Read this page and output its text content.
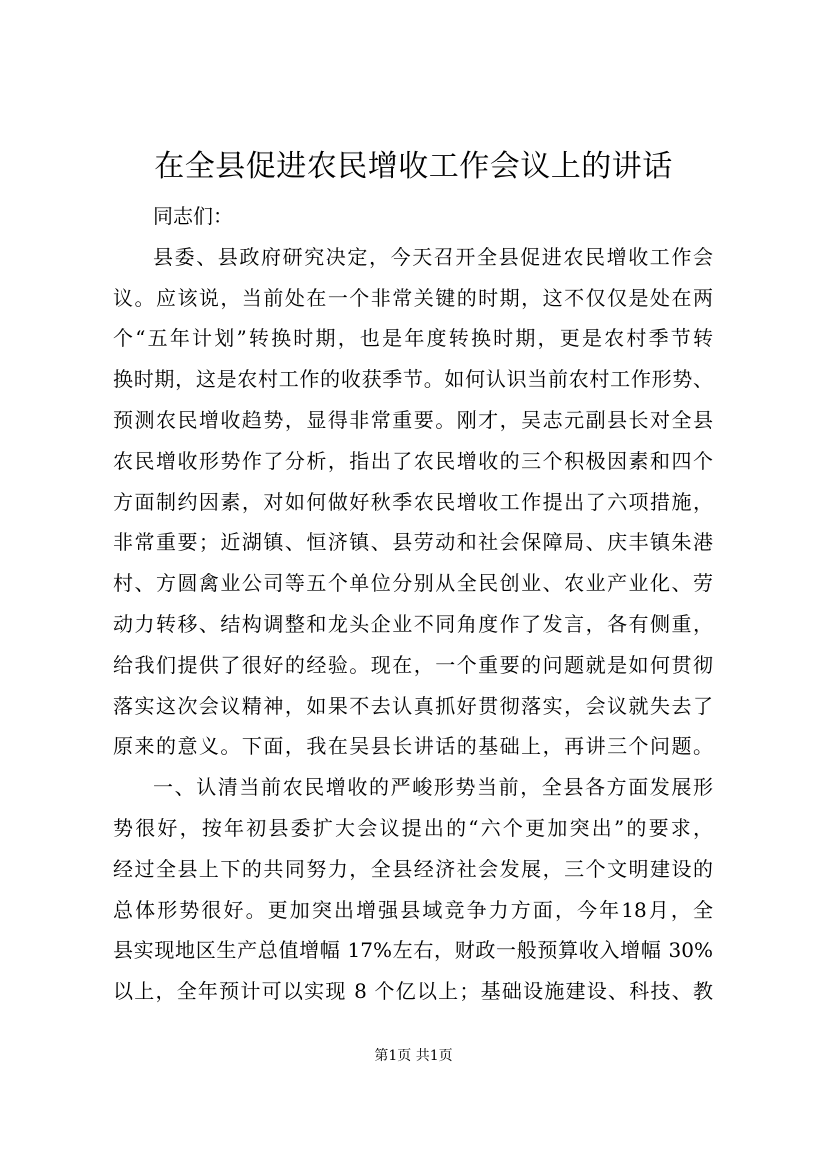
在全县促进农民增收工作会议上的讲话
同志们：
县委、县政府研究决定，今天召开全县促进农民增收工作会
议。应该说，当前处在一个非常关键的时期，这不仅仅是处在两
个“五年计划”转换时期，也是年度转换时期，更是农村季节转
换时期，这是农村工作的收获季节。如何认识当前农村工作形势、
预测农民增收趋势，显得非常重要。刚才，吴志元副县长对全县
农民增收形势作了分析，指出了农民增收的三个积极因素和四个
方面制约因素，对如何做好秋季农民增收工作提出了六项措施，
非常重要；近湖镇、恒济镇、县劳动和社会保障局、庆丰镇朱港
村、方圆禽业公司等五个单位分别从全民创业、农业产业化、劳
动力转移、结构调整和龙头企业不同角度作了发言，各有侧重，
给我们提供了很好的经验。现在，一个重要的问题就是如何贯彻
落实这次会议精神，如果不去认真抓好贯彻落实，会议就失去了
原来的意义。下面，我在吴县长讲话的基础上，再讲三个问题。
一、认清当前农民增收的严峻形势当前，全县各方面发展形
势很好，按年初县委扩大会议提出的“六个更加突出”的要求，
经过全县上下的共同努力，全县经济社会发展，三个文明建设的
总体形势很好。更加突出增强县域竞争力方面，今年18月，全
县实现地区生产总值增幅 17%左右，财政一般预算收入增幅 30%
以上，全年预计可以实现 8 个亿以上；基础设施建设、科技、教
第1页 共1页
